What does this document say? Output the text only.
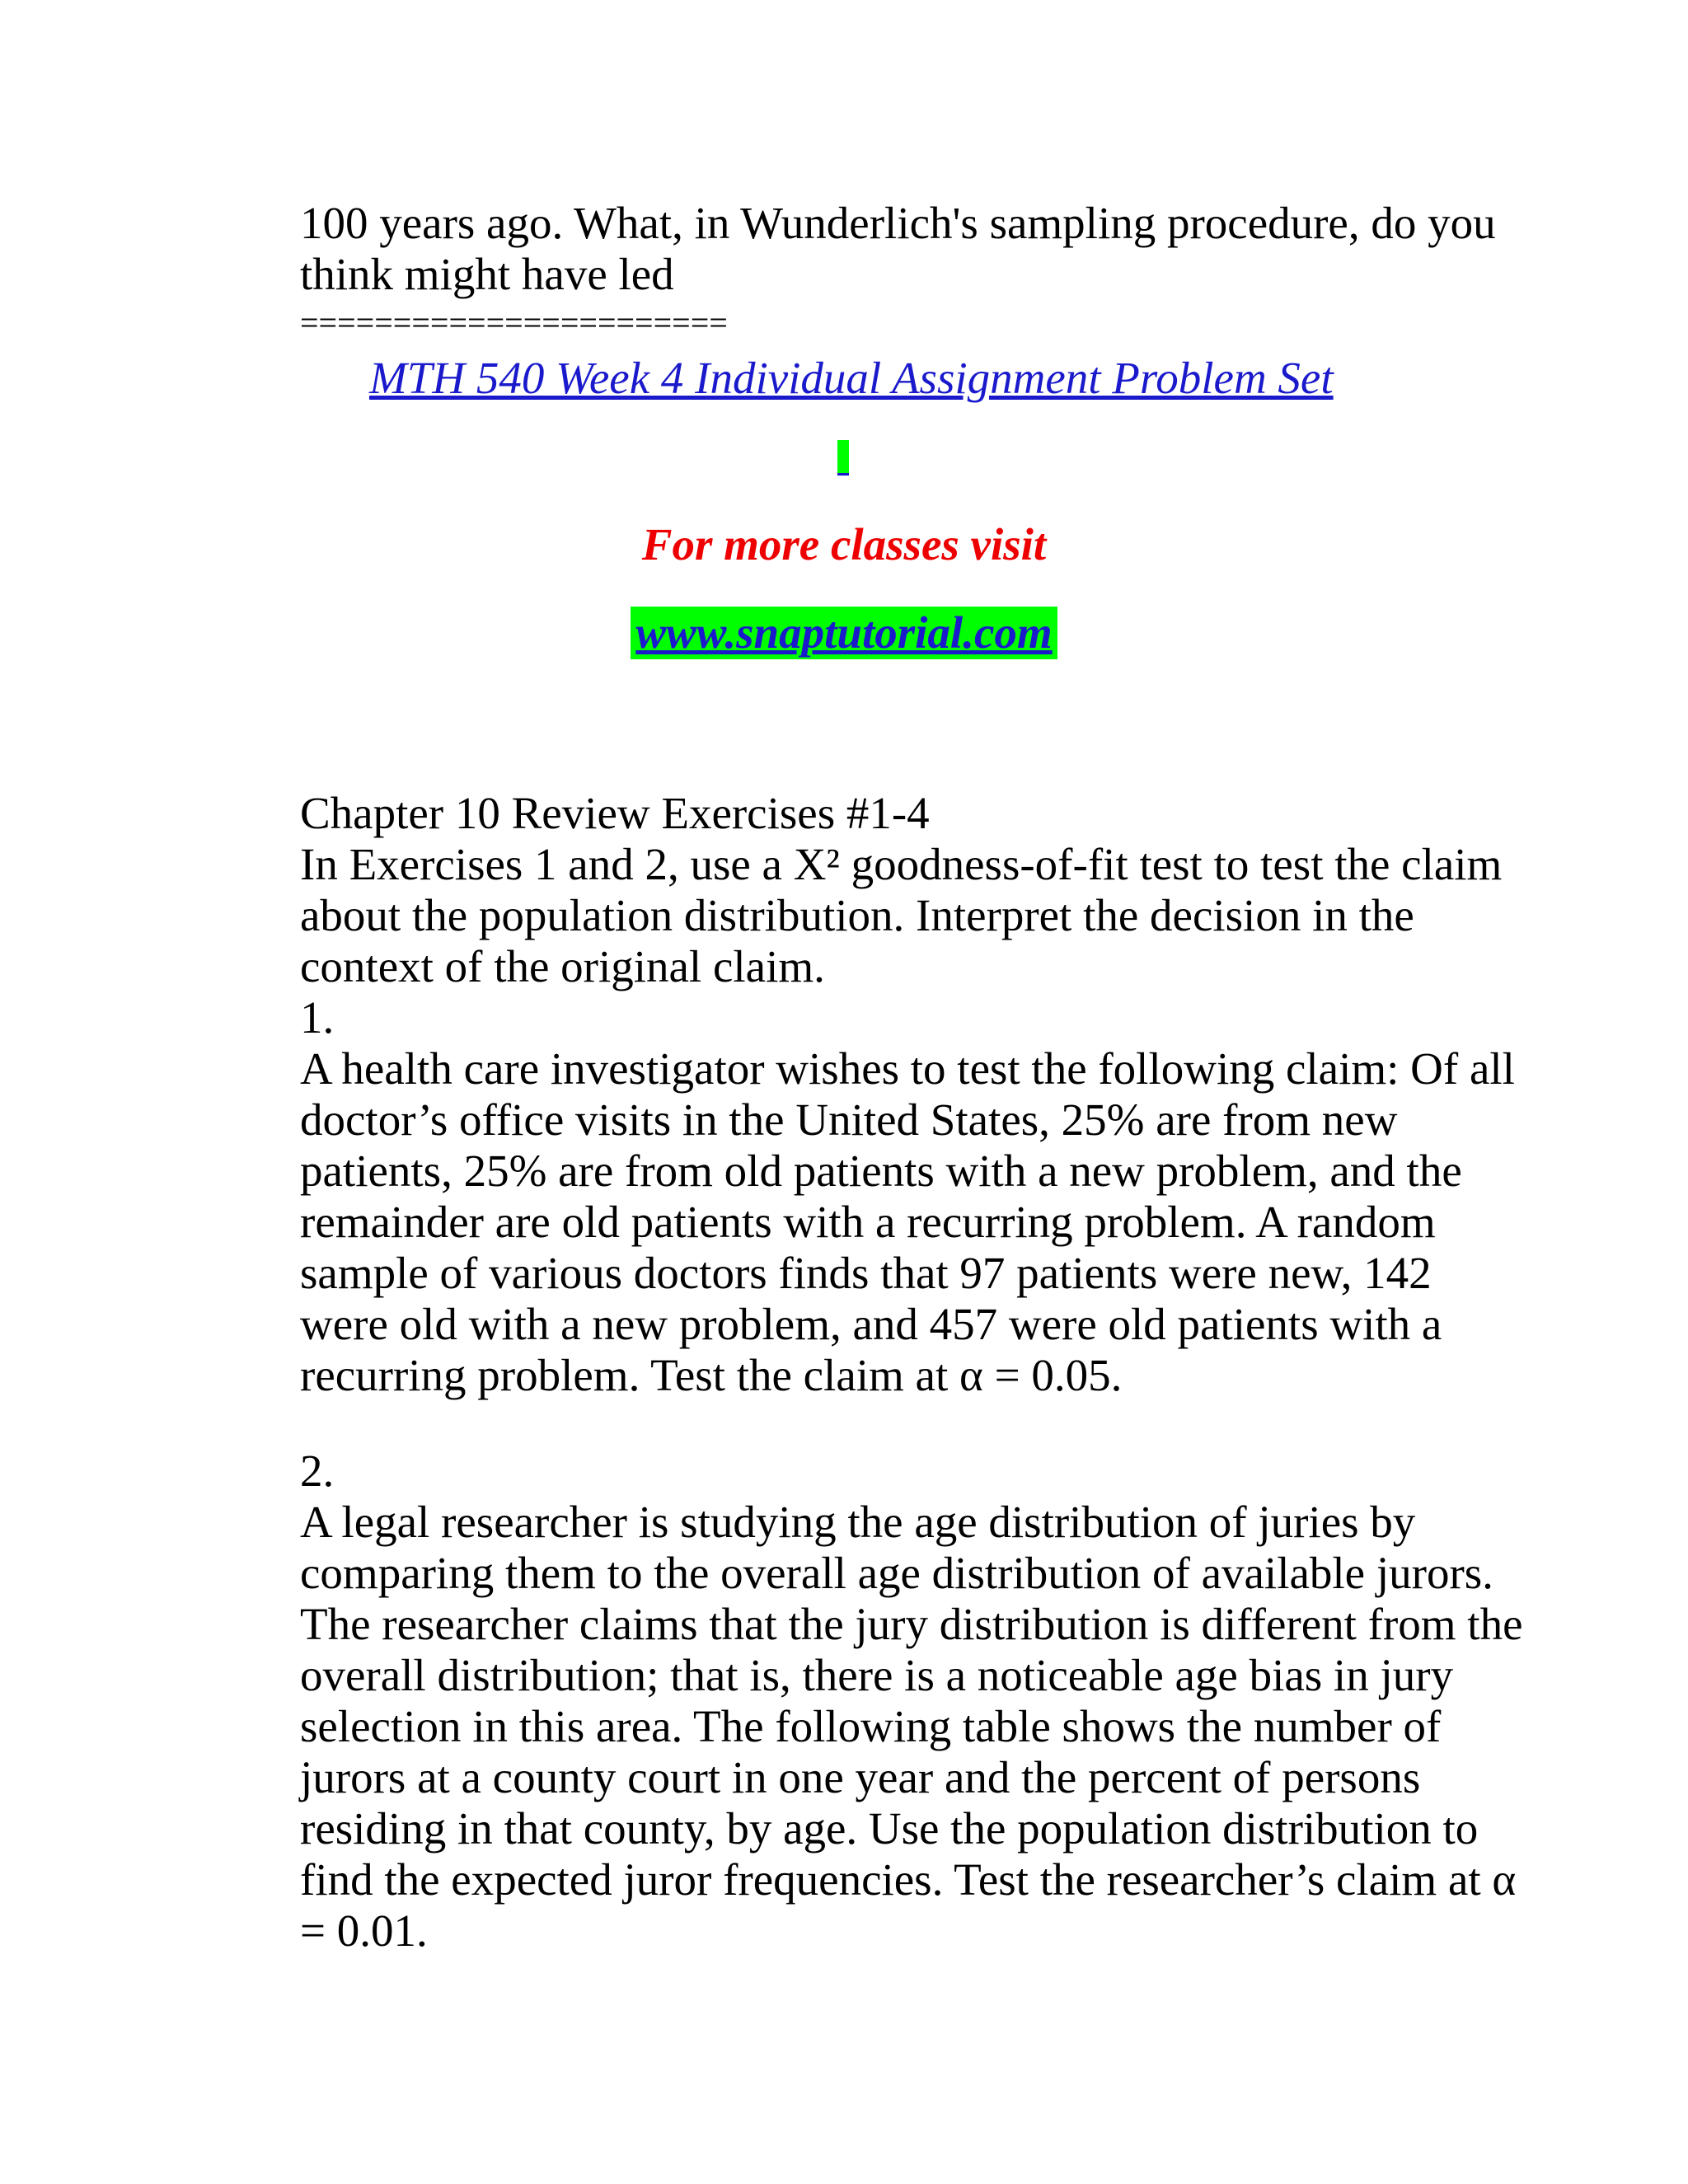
100 years ago. What, in Wunderlich's sampling procedure, do you
think might have led

=======================
MTH 540 Week 4 Individual Assignment Problem Set
For more classes visit
www.snaptutorial.com

Chapter 10 Review Exercises #1-4
In Exercises 1 and 2, use a X² goodness-of-fit test to test the claim
about the population distribution. Interpret the decision in the
context of the original claim.
1.
A health care investigator wishes to test the following claim: Of all
doctor’s office visits in the United States, 25% are from new
patients, 25% are from old patients with a new problem, and the
remainder are old patients with a recurring problem. A random
sample of various doctors finds that 97 patients were new, 142
were old with a new problem, and 457 were old patients with a
recurring problem. Test the claim at α = 0.05.

2.
A legal researcher is studying the age distribution of juries by
comparing them to the overall age distribution of available jurors.
The researcher claims that the jury distribution is different from the
overall distribution; that is, there is a noticeable age bias in jury
selection in this area. The following table shows the number of
jurors at a county court in one year and the percent of persons
residing in that county, by age. Use the population distribution to
find the expected juror frequencies. Test the researcher’s claim at α
= 0.01.
